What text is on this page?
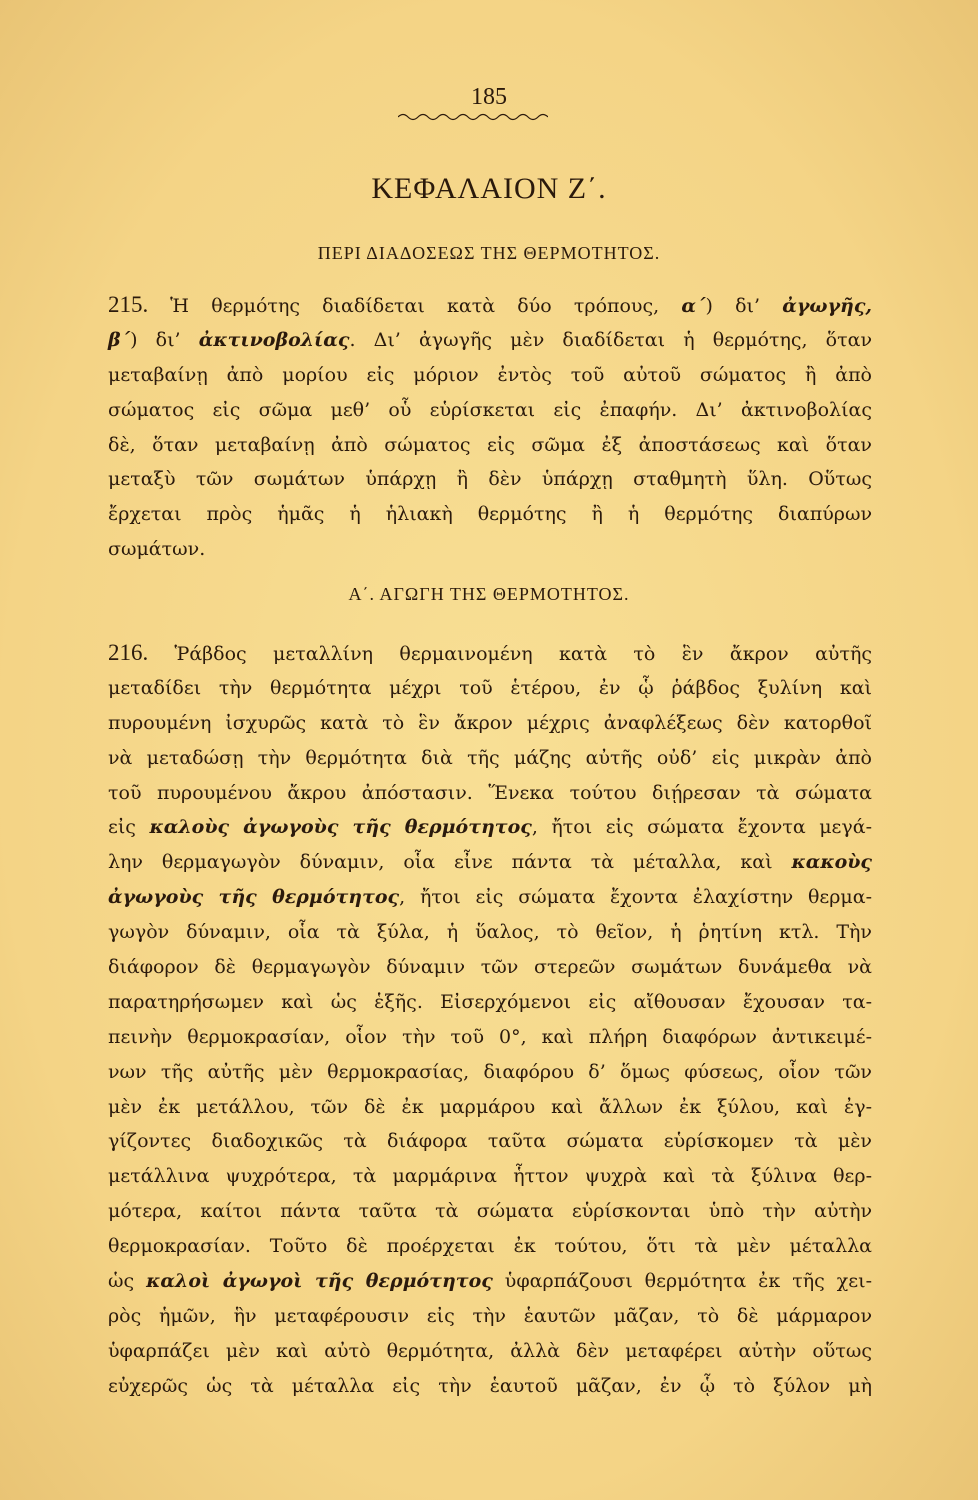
185
ΚΕΦΑΛΑΙΟΝ Ζ΄.
ΠΕΡΙ ΔΙΑΔΟΣΕΩΣ ΤΗΣ ΘΕΡΜΟΤΗΤΟΣ.
215. Ἡ θερμότης διαδίδεται κατὰ δύο τρόπους, α΄) δι’ ἀγωγῆς,
β΄) δι’ ἀκτινοβολίας. Δι’ ἀγωγῆς μὲν διαδίδεται ἡ θερμότης, ὅταν
μεταβαίνῃ ἀπὸ μορίου εἰς μόριον ἐντὸς τοῦ αὐτοῦ σώματος ἢ ἀπὸ
σώματος εἰς σῶμα μεθ’ οὗ εὑρίσκεται εἰς ἐπαφήν. Δι’ ἀκτινοβολίας
δὲ, ὅταν μεταβαίνῃ ἀπὸ σώματος εἰς σῶμα ἐξ ἀποστάσεως καὶ ὅταν
μεταξὺ τῶν σωμάτων ὑπάρχῃ ἢ δὲν ὑπάρχῃ σταθμητὴ ὕλη. Οὕτως
ἔρχεται πρὸς ἡμᾶς ἡ ἡλιακὴ θερμότης ἢ ἡ θερμότης διαπύρων
σωμάτων.
Α΄. ΑΓΩΓΗ ΤΗΣ ΘΕΡΜΟΤΗΤΟΣ.
216. Ῥάβδος μεταλλίνη θερμαινομένη κατὰ τὸ ἓν ἄκρον αὐτῆς
μεταδίδει τὴν θερμότητα μέχρι τοῦ ἑτέρου, ἐν ᾧ ῥάβδος ξυλίνη καὶ
πυρουμένη ἰσχυρῶς κατὰ τὸ ἓν ἄκρον μέχρις ἀναφλέξεως δὲν κατορθοῖ
νὰ μεταδώσῃ τὴν θερμότητα διὰ τῆς μάζης αὐτῆς οὐδ’ εἰς μικρὰν ἀπὸ
τοῦ πυρουμένου ἄκρου ἀπόστασιν. Ἕνεκα τούτου διῄρεσαν τὰ σώματα
εἰς καλοὺς ἀγωγοὺς τῆς θερμότητος, ἤτοι εἰς σώματα ἔχοντα μεγά-
λην θερμαγωγὸν δύναμιν, οἷα εἶνε πάντα τὰ μέταλλα, καὶ κακοὺς
ἀγωγοὺς τῆς θερμότητος, ἤτοι εἰς σώματα ἔχοντα ἐλαχίστην θερμα-
γωγὸν δύναμιν, οἷα τὰ ξύλα, ἡ ὕαλος, τὸ θεῖον, ἡ ῥητίνη κτλ. Τὴν
διάφορον δὲ θερμαγωγὸν δύναμιν τῶν στερεῶν σωμάτων δυνάμεθα νὰ
παρατηρήσωμεν καὶ ὡς ἑξῆς. Εἰσερχόμενοι εἰς αἴθουσαν ἔχουσαν τα-
πεινὴν θερμοκρασίαν, οἷον τὴν τοῦ 0°, καὶ πλήρη διαφόρων ἀντικειμέ-
νων τῆς αὐτῆς μὲν θερμοκρασίας, διαφόρου δ’ ὅμως φύσεως, οἷον τῶν
μὲν ἐκ μετάλλου, τῶν δὲ ἐκ μαρμάρου καὶ ἄλλων ἐκ ξύλου, καὶ ἐγ-
γίζοντες διαδοχικῶς τὰ διάφορα ταῦτα σώματα εὑρίσκομεν τὰ μὲν
μετάλλινα ψυχρότερα, τὰ μαρμάρινα ἧττον ψυχρὰ καὶ τὰ ξύλινα θερ-
μότερα, καίτοι πάντα ταῦτα τὰ σώματα εὑρίσκονται ὑπὸ τὴν αὐτὴν
θερμοκρασίαν. Τοῦτο δὲ προέρχεται ἐκ τούτου, ὅτι τὰ μὲν μέταλλα
ὡς καλοὶ ἀγωγοὶ τῆς θερμότητος ὑφαρπάζουσι θερμότητα ἐκ τῆς χει-
ρὸς ἡμῶν, ἣν μεταφέρουσιν εἰς τὴν ἑαυτῶν μᾶζαν, τὸ δὲ μάρμαρον
ὑφαρπάζει μὲν καὶ αὐτὸ θερμότητα, ἀλλὰ δὲν μεταφέρει αὐτὴν οὕτως
εὐχερῶς ὡς τὰ μέταλλα εἰς τὴν ἑαυτοῦ μᾶζαν, ἐν ᾧ τὸ ξύλον μὴ
